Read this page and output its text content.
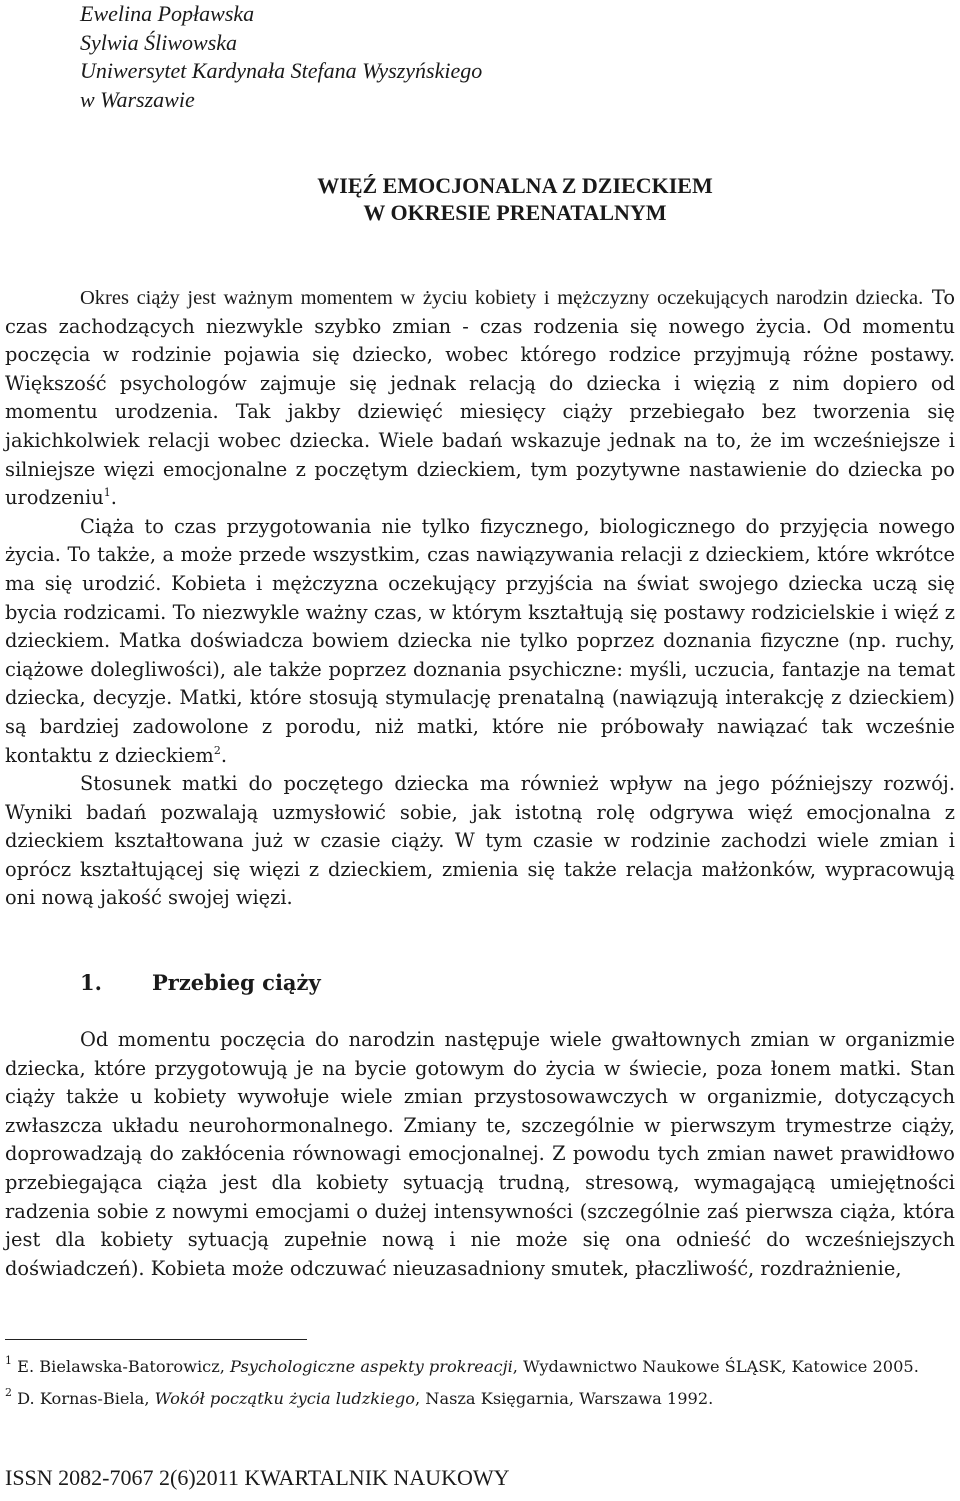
Ewelina Popławska
Sylwia Śliwowska
Uniwersytet Kardynała Stefana Wyszyńskiego
w Warszawie
WIĘŹ EMOCJONALNA Z DZIECKIEM
W OKRESIE PRENATALNYM

Okres ciąży jest ważnym momentem w życiu kobiety i mężczyzny oczekujących narodzin dziecka. To czas zachodzących niezwykle szybko zmian - czas rodzenia się nowego życia. Od momentu poczęcia w rodzinie pojawia się dziecko, wobec którego rodzice przyjmują różne postawy. Większość psychologów zajmuje się jednak relacją do dziecka i więzią z nim dopiero od momentu urodzenia. Tak jakby dziewięć miesięcy ciąży przebiegało bez tworzenia się jakichkolwiek relacji wobec dziecka. Wiele badań wskazuje jednak na to, że im wcześniejsze i silniejsze więzi emocjonalne z poczętym dzieckiem, tym pozytywne nastawienie do dziecka po urodzeniu$^1$.

Ciąża to czas przygotowania nie tylko fizycznego, biologicznego do przyjęcia nowego życia. To także, a może przede wszystkim, czas nawiązywania relacji z dzieckiem, które wkrótce ma się urodzić. Kobieta i mężczyzna oczekujący przyjścia na świat swojego dziecka uczą się bycia rodzicami. To niezwykle ważny czas, w którym kształtują się postawy rodzicielskie i więź z dzieckiem. Matka doświadcza bowiem dziecka nie tylko poprzez doznania fizyczne (np. ruchy, ciążowe dolegliwości), ale także poprzez doznania psychiczne: myśli, uczucia, fantazje na temat dziecka, decyzje. Matki, które stosują stymulację prenatalną (nawiązują interakcję z dzieckiem) są bardziej zadowolone z porodu, niż matki, które nie próbowały nawiązać tak wcześnie kontaktu z dzieckiem$^2$.

Stosunek matki do poczętego dziecka ma również wpływ na jego późniejszy rozwój. Wyniki badań pozwalają uzmysłowić sobie, jak istotną rolę odgrywa więź emocjonalna z dzieckiem kształtowana już w czasie ciąży. W tym czasie w rodzinie zachodzi wiele zmian i oprócz kształtującej się więzi z dzieckiem, zmienia się także relacja małżonków, wypracowują oni nową jakość swojej więzi.

1. Przebieg ciąży

Od momentu poczęcia do narodzin następuje wiele gwałtownych zmian w organizmie dziecka, które przygotowują je na bycie gotowym do życia w świecie, poza łonem matki. Stan ciąży także u kobiety wywołuje wiele zmian przystosowawczych w organizmie, dotyczących zwłaszcza układu neurohormonalnego. Zmiany te, szczególnie w pierwszym trymestrze ciąży, doprowadzają do zakłócenia równowagi emocjonalnej. Z powodu tych zmian nawet prawidłowo przebiegająca ciąża jest dla kobiety sytuacją trudną, stresową, wymagającą umiejętności radzenia sobie z nowymi emocjami o dużej intensywności (szczególnie zaś pierwsza ciąża, która jest dla kobiety sytuacją zupełnie nową i nie może się ona odnieść do wcześniejszych doświadczeń). Kobieta może odczuwać nieuzasadniony smutek, płaczliwość, rozdrażnienie,

$^1$ E. Bielawska-Batorowicz, Psychologiczne aspekty prokreacji, Wydawnictwo Naukowe ŚLĄSK, Katowice 2005.

$^2$ D. Kornas-Biela, Wokół początku życia ludzkiego, Nasza Księgarnia, Warszawa 1992.

ISSN 2082-7067 2(6)2011 KWARTALNIK NAUKOWY
